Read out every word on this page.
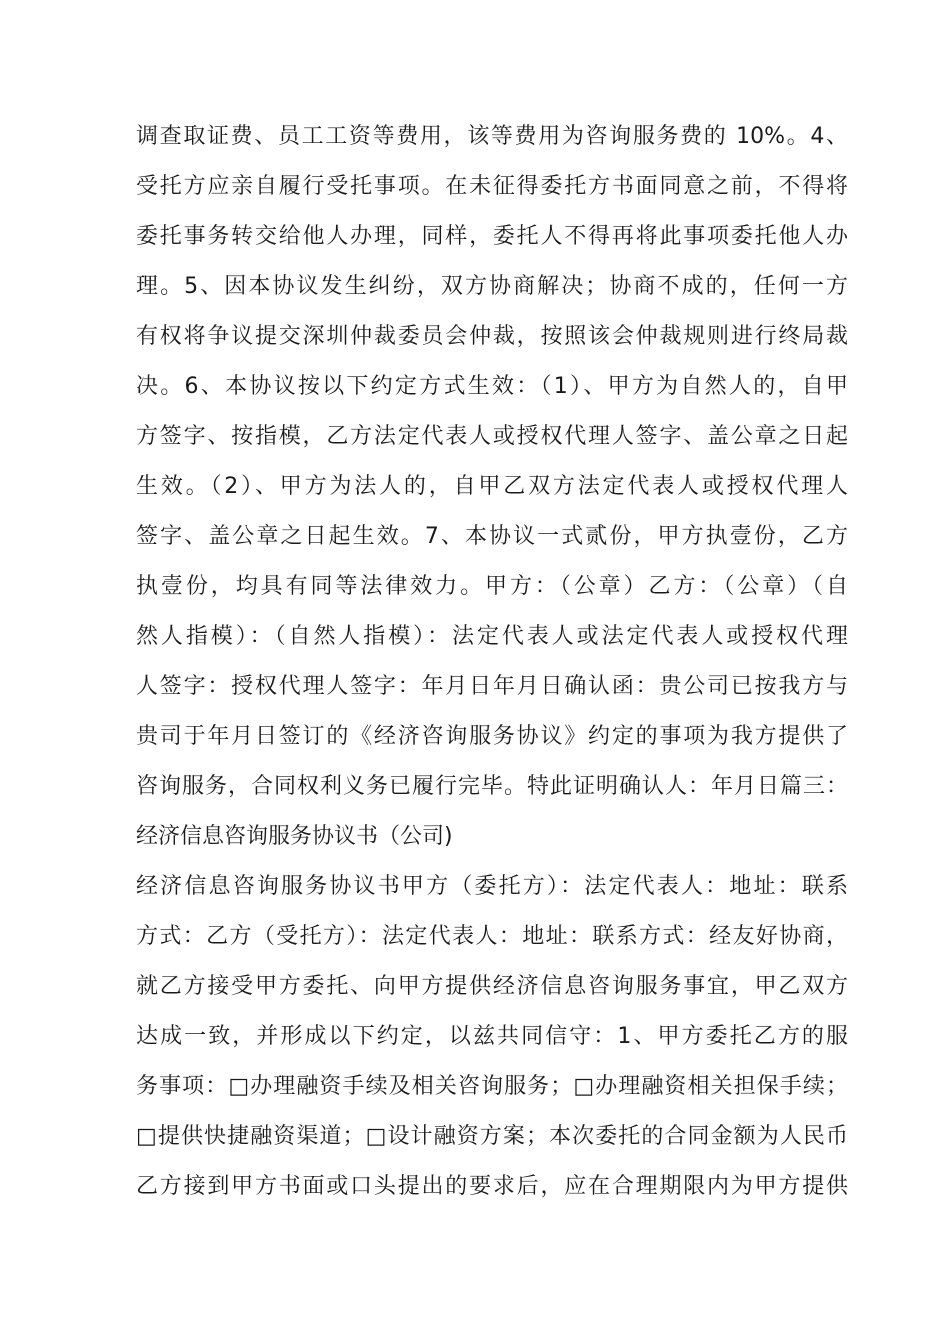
调查取证费、员工工资等费用，该等费用为咨询服务费的 10%。4、
受托方应亲自履行受托事项。在未征得委托方书面同意之前，不得将
委托事务转交给他人办理，同样，委托人不得再将此事项委托他人办
理。5、因本协议发生纠纷，双方协商解决；协商不成的，任何一方
有权将争议提交深圳仲裁委员会仲裁，按照该会仲裁规则进行终局裁
决。6、本协议按以下约定方式生效：（1）、甲方为自然人的，自甲
方签字、按指模，乙方法定代表人或授权代理人签字、盖公章之日起
生效。（2）、甲方为法人的，自甲乙双方法定代表人或授权代理人
签字、盖公章之日起生效。7、本协议一式贰份，甲方执壹份，乙方
执壹份，均具有同等法律效力。甲方：（公章）乙方：（公章）（自
然人指模）：（自然人指模）：法定代表人或法定代表人或授权代理
人签字：授权代理人签字：年月日年月日确认函：贵公司已按我方与
贵司于年月日签订的《经济咨询服务协议》约定的事项为我方提供了
咨询服务，合同权利义务已履行完毕。特此证明确认人：年月日篇三：
经济信息咨询服务协议书（公司)
经济信息咨询服务协议书甲方（委托方）：法定代表人：地址：联系
方式：乙方（受托方）：法定代表人：地址：联系方式：经友好协商，
就乙方接受甲方委托、向甲方提供经济信息咨询服务事宜，甲乙双方
达成一致，并形成以下约定，以兹共同信守：1、甲方委托乙方的服
务事项：□办理融资手续及相关咨询服务；□办理融资相关担保手续；
□提供快捷融资渠道；□设计融资方案；本次委托的合同金额为人民币
乙方接到甲方书面或口头提出的要求后，应在合理期限内为甲方提供
